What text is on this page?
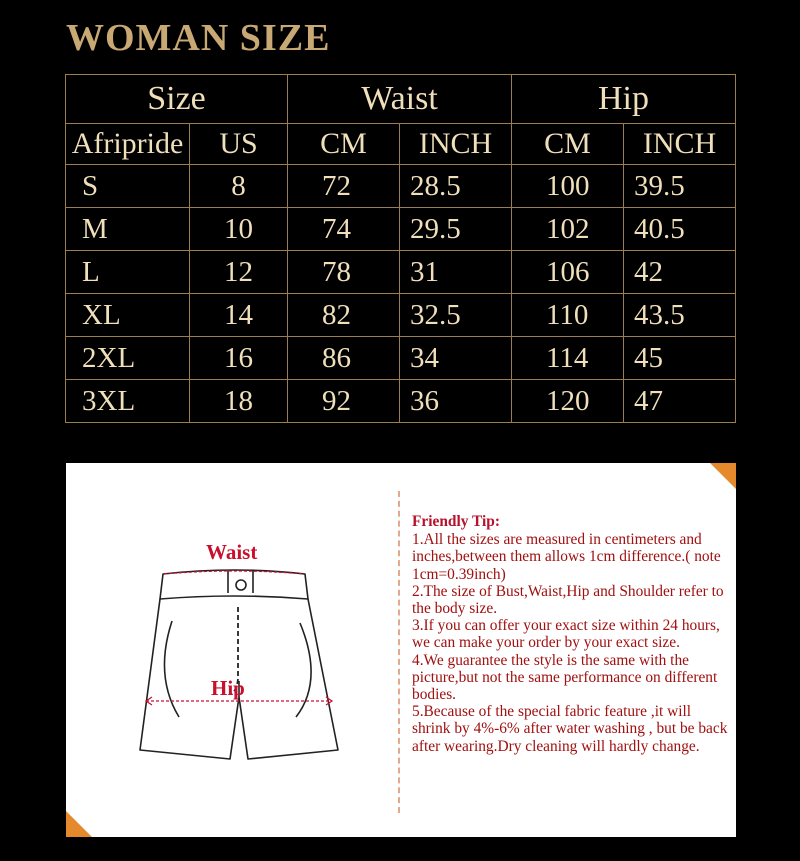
WOMAN SIZE
Size		Waist		Hip	
Afripride	US	CM	INCH	CM	INCH
S	8	72	28.5	100	39.5
M	10	74	29.5	102	40.5
L	12	78	31	106	42
XL	14	82	32.5	110	43.5
2XL	16	86	34	114	45
3XL	18	92	36	120	47
Waist
Hip
Friendly Tip:

1.All the sizes are measured in centimeters and inches,between them allows 1cm difference.( note 1cm=0.39inch)

2.The size of Bust,Waist,Hip and Shoulder refer to the body size.

3.If you can offer your exact size within 24 hours, we can make your order by your exact size.

4.We guarantee the style is the same with the picture,but not the same performance on different bodies.

5.Because of the special fabric feature ,it will shrink by 4%-6% after water washing , but be back after wearing.Dry cleaning will hardly change.
